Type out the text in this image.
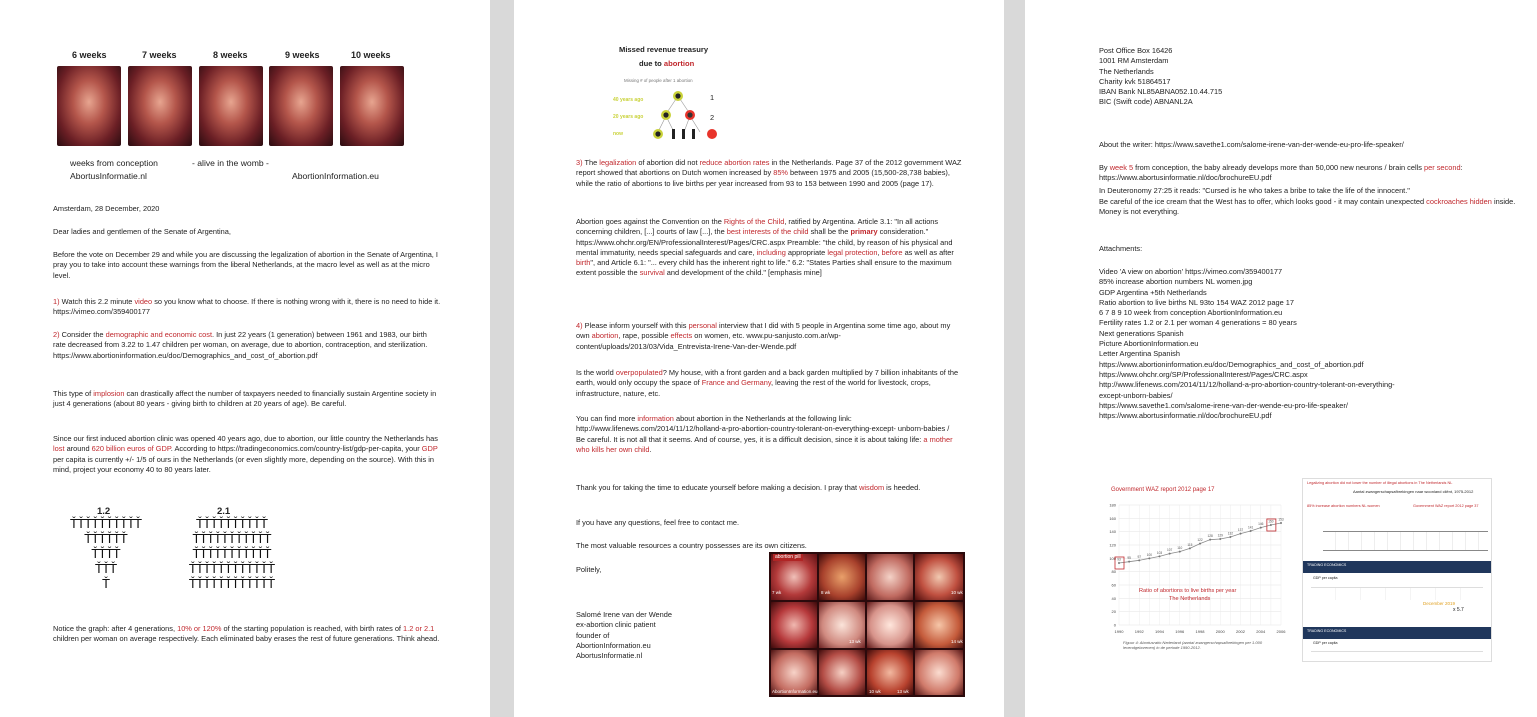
6 weeks	7 weeks	8 weeks	9 weeks	10 weeks
weeks from conception	- alive in the womb -
AbortusInformatie.nl	AbortionInformation.eu

Amsterdam, 28 December, 2020

Dear ladies and gentlemen of the Senate of Argentina,

Before the vote on December 29 and while you are discussing the legalization of abortion in the Senate of Argentina, I pray you to take into account these warnings from the liberal Netherlands, at the macro level as well as at the micro level.

1) Watch this 2.2 minute video so you know what to choose. If there is nothing wrong with it, there is no need to hide it. https://vimeo.com/359400177

2) Consider the demographic and economic cost. In just 22 years (1 generation) between 1961 and 1983, our birth rate decreased from 3.22 to 1.47 children per woman, on average, due to abortion, contraception, and sterilization. https://www.abortioninformation.eu/doc/Demographics_and_cost_of_abortion.pdf

This type of implosion can drastically affect the number of taxpayers needed to financially sustain Argentine society in just 4 generations (about 80 years - giving birth to children at 20 years of age). Be careful.

Since our first induced abortion clinic was opened 40 years ago, due to abortion, our little country the Netherlands has lost around 620 billion euros of GDP. According to https://tradingeconomics.com/country-list/gdp-per-capita, your GDP per capita is currently +/- 1/5 of ours in the Netherlands (or even slightly more, depending on the source). With this in mind, project your economy 40 to 80 years later.

1.2	2.1
ŤŤŤŤŤŤŤŤŤŤ
ŤŤŤŤŤŤ
ŤŤŤŤ
ŤŤŤ
Ť
ŤŤŤŤŤŤŤŤŤŤ
ŤŤŤŤŤŤŤŤŤŤŤ
ŤŤŤŤŤŤŤŤŤŤŤ
ŤŤŤŤŤŤŤŤŤŤŤŤ
ŤŤŤŤŤŤŤŤŤŤŤŤ

Notice the graph: after 4 generations, 10% or 120% of the starting population is reached, with birth rates of 1.2 or 2.1 children per woman on average respectively. Each eliminated baby erases the rest of future generations. Think ahead.

Missed revenue treasury
due to abortion
Missing # of people after 1 abortion
40 years ago	1
20 years ago	2
now

3) The legalization of abortion did not reduce abortion rates in the Netherlands. Page 37 of the 2012 government WAZ report showed that abortions on Dutch women increased by 85% between 1975 and 2005 (15,500-28,738 babies), while the ratio of abortions to live births per year increased from 93 to 153 between 1990 and 2005 (page 17).

Abortion goes against the Convention on the Rights of the Child, ratified by Argentina. Article 3.1: "In all actions concerning children, [...] courts of law [...], the best interests of the child shall be the primary consideration." https://www.ohchr.org/EN/ProfessionalInterest/Pages/CRC.aspx Preamble: "the child, by reason of his physical and mental immaturity, needs special safeguards and care, including appropriate legal protection, before as well as after birth", and Article 6.1: "... every child has the inherent right to life." 6.2: "States Parties shall ensure to the maximum extent possible the survival and development of the child." [emphasis mine]

4) Please inform yourself with this personal interview that I did with 5 people in Argentina some time ago, about my own abortion, rape, possible effects on women, etc. www.pu-sanjusto.com.ar/wp-content/uploads/2013/03/Vida_Entrevista-Irene-Van-der-Wende.pdf

Is the world overpopulated? My house, with a front garden and a back garden multiplied by 7 billion inhabitants of the earth, would only occupy the space of France and Germany, leaving the rest of the world for livestock, crops, infrastructure, nature, etc.

You can find more information about abortion in the Netherlands at the following link: http://www.lifenews.com/2014/11/12/holland-a-pro-abortion-country-tolerant-on-everything-except- unborn-babies /
Be careful. It is not all that it seems. And of course, yes, it is a difficult decision, since it is about taking life: a mother who kills her own child.

Thank you for taking the time to educate yourself before making a decision. I pray that wisdom is heeded.

If you have any questions, feel free to contact me.

The most valuable resources a country possesses are its own citizens.

Politely,

Salomé Irene van der Wende

ex-abortion clinic patient

founder of

AbortionInformation.eu

AbortusInformatie.nl

abortion pill
7 wk	8 wk	10 wk
13 wk	14 wk
AbortionInformation.eu	10 wk	13 wk

Post Office Box 16426

1001 RM Amsterdam

The Netherlands

Charity kvk 51864517

IBAN Bank NL85ABNA052.10.44.715

BIC (Swift code) ABNANL2A

About the writer: https://www.savethe1.com/salome-irene-van-der-wende-eu-pro-life-speaker/

By week 5 from conception, the baby already develops more than 50,000 new neurons / brain cells per second: https://www.abortusinformatie.nl/doc/brochureEU.pdf

In Deuteronomy 27:25 it reads: "Cursed is he who takes a bribe to take the life of the innocent."

Be careful of the ice cream that the West has to offer, which looks good - it may contain unexpected cockroaches hidden inside. Money is not everything.

Attachments:

Video 'A view on abortion' https://vimeo.com/359400177

85% increase abortion numbers NL women.jpg

GDP Argentina +5th Netherlands

Ratio abortion to live births NL 93to 154 WAZ 2012 page 17

6 7 8 9 10 week from conception AbortionInformation.eu

Fertility rates 1.2 or 2.1 per woman 4 generations = 80 years

Next generations Spanish

Picture AbortionInformation.eu

Letter Argentina Spanish

https://www.abortioninformation.eu/doc/Demographics_and_cost_of_abortion.pdf

https://www.ohchr.org/SP/ProfessionalInterest/Pages/CRC.aspx

http://www.lifenews.com/2014/11/12/holland-a-pro-abortion-country-tolerant-on-everything-

except-unborn-babies/

https://www.savethe1.com/salome-irene-van-der-wende-eu-pro-life-speaker/

https://www.abortusinformatie.nl/doc/brochureEU.pdf

Government WAZ report 2012 page 17
180
160
140
120
100
80
60
40
20
0
1990	1992	1994	1996	1998	2000	2002	2004	2006
93 95 97 100 103
107 110
115
122
128 129 132
137
141
146
150 153
Ratio of abortions to live births per year
The Netherlands

Figuur 4: Abortusratio Nederland (aantal zwangerschapsafbrekingen per 1.000 levendgeborenen) in de periode 1990-2012.

Legalizing abortion did not lower the number of illegal abortions in The Netherlands NL

Aantal zwangerschapsafbrekingen naar woonland cliënt, 1975-2012

85% increase abortion numbers NL women	Government WAZ report 2012 page 37

TRADING ECONOMICS
GDP per capita
December 2019
x 5.7
TRADING ECONOMICS
GDP per capita
